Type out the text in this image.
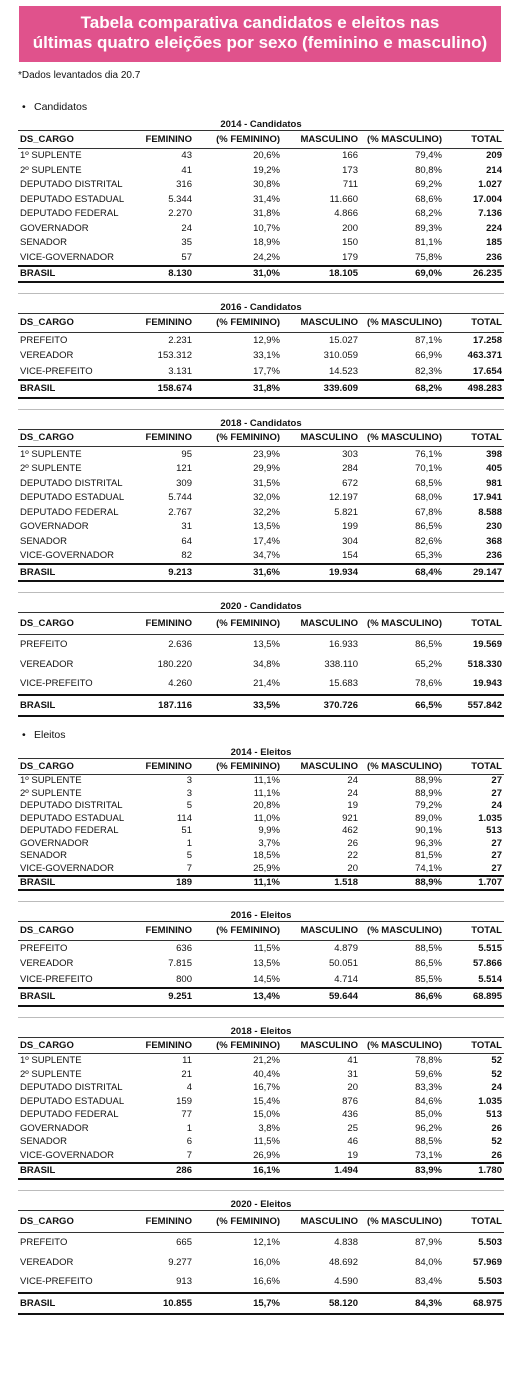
Tabela comparativa candidatos e eleitos nas
últimas quatro eleições por sexo (feminino e masculino)
*Dados levantados dia 20.7
• Candidatos
2014 - Candidatos
DS_CARGO	FEMININO	(% FEMININO)	MASCULINO	(% MASCULINO)	TOTAL
1º SUPLENTE	43	20,6%	166	79,4%	209
2º SUPLENTE	41	19,2%	173	80,8%	214
DEPUTADO DISTRITAL	316	30,8%	711	69,2%	1.027
DEPUTADO ESTADUAL	5.344	31,4%	11.660	68,6%	17.004
DEPUTADO FEDERAL	2.270	31,8%	4.866	68,2%	7.136
GOVERNADOR	24	10,7%	200	89,3%	224
SENADOR	35	18,9%	150	81,1%	185
VICE-GOVERNADOR	57	24,2%	179	75,8%	236
BRASIL	8.130	31,0%	18.105	69,0%	26.235
2016 - Candidatos
DS_CARGO	FEMININO	(% FEMININO)	MASCULINO	(% MASCULINO)	TOTAL
PREFEITO	2.231	12,9%	15.027	87,1%	17.258
VEREADOR	153.312	33,1%	310.059	66,9%	463.371
VICE-PREFEITO	3.131	17,7%	14.523	82,3%	17.654
BRASIL	158.674	31,8%	339.609	68,2%	498.283
2018 - Candidatos
DS_CARGO	FEMININO	(% FEMININO)	MASCULINO	(% MASCULINO)	TOTAL
1º SUPLENTE	95	23,9%	303	76,1%	398
2º SUPLENTE	121	29,9%	284	70,1%	405
DEPUTADO DISTRITAL	309	31,5%	672	68,5%	981
DEPUTADO ESTADUAL	5.744	32,0%	12.197	68,0%	17.941
DEPUTADO FEDERAL	2.767	32,2%	5.821	67,8%	8.588
GOVERNADOR	31	13,5%	199	86,5%	230
SENADOR	64	17,4%	304	82,6%	368
VICE-GOVERNADOR	82	34,7%	154	65,3%	236
BRASIL	9.213	31,6%	19.934	68,4%	29.147
2020 - Candidatos
DS_CARGO	FEMININO	(% FEMININO)	MASCULINO	(% MASCULINO)	TOTAL
PREFEITO	2.636	13,5%	16.933	86,5%	19.569
VEREADOR	180.220	34,8%	338.110	65,2%	518.330
VICE-PREFEITO	4.260	21,4%	15.683	78,6%	19.943
BRASIL	187.116	33,5%	370.726	66,5%	557.842
• Eleitos
2014 - Eleitos
DS_CARGO	FEMININO	(% FEMININO)	MASCULINO	(% MASCULINO)	TOTAL
1º SUPLENTE	3	11,1%	24	88,9%	27
2º SUPLENTE	3	11,1%	24	88,9%	27
DEPUTADO DISTRITAL	5	20,8%	19	79,2%	24
DEPUTADO ESTADUAL	114	11,0%	921	89,0%	1.035
DEPUTADO FEDERAL	51	9,9%	462	90,1%	513
GOVERNADOR	1	3,7%	26	96,3%	27
SENADOR	5	18,5%	22	81,5%	27
VICE-GOVERNADOR	7	25,9%	20	74,1%	27
BRASIL	189	11,1%	1.518	88,9%	1.707
2016 - Eleitos
DS_CARGO	FEMININO	(% FEMININO)	MASCULINO	(% MASCULINO)	TOTAL
PREFEITO	636	11,5%	4.879	88,5%	5.515
VEREADOR	7.815	13,5%	50.051	86,5%	57.866
VICE-PREFEITO	800	14,5%	4.714	85,5%	5.514
BRASIL	9.251	13,4%	59.644	86,6%	68.895
2018 - Eleitos
DS_CARGO	FEMININO	(% FEMININO)	MASCULINO	(% MASCULINO)	TOTAL
1º SUPLENTE	11	21,2%	41	78,8%	52
2º SUPLENTE	21	40,4%	31	59,6%	52
DEPUTADO DISTRITAL	4	16,7%	20	83,3%	24
DEPUTADO ESTADUAL	159	15,4%	876	84,6%	1.035
DEPUTADO FEDERAL	77	15,0%	436	85,0%	513
GOVERNADOR	1	3,8%	25	96,2%	26
SENADOR	6	11,5%	46	88,5%	52
VICE-GOVERNADOR	7	26,9%	19	73,1%	26
BRASIL	286	16,1%	1.494	83,9%	1.780
2020 - Eleitos
DS_CARGO	FEMININO	(% FEMININO)	MASCULINO	(% MASCULINO)	TOTAL
PREFEITO	665	12,1%	4.838	87,9%	5.503
VEREADOR	9.277	16,0%	48.692	84,0%	57.969
VICE-PREFEITO	913	16,6%	4.590	83,4%	5.503
BRASIL	10.855	15,7%	58.120	84,3%	68.975
